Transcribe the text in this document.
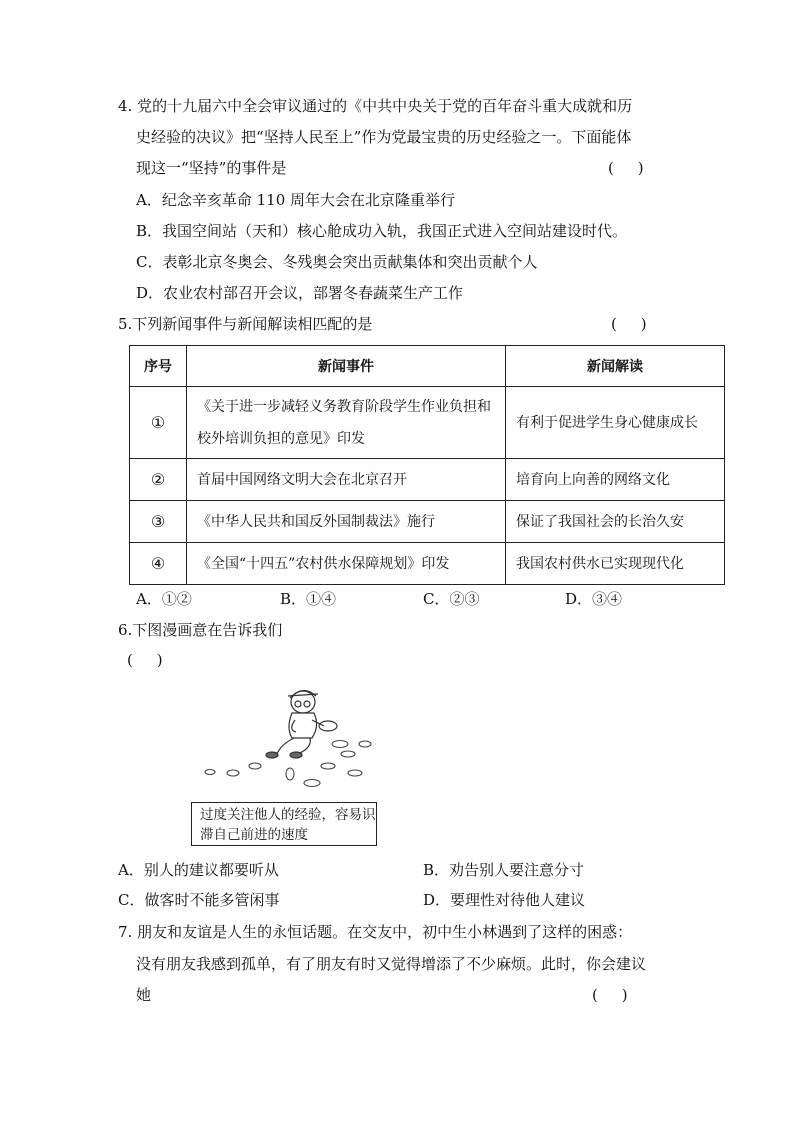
4. 党的十九届六中全会审议通过的《中共中央关于党的百年奋斗重大成就和历
史经验的决议》把“坚持人民至上”作为党最宝贵的历史经验之一。下面能体
现这一“坚持”的事件是	(     )
A．纪念辛亥革命 110 周年大会在北京隆重举行
B．我国空间站（天和）核心舱成功入轨，我国正式进入空间站建设时代。
C．表彰北京冬奥会、冬残奥会突出贡献集体和突出贡献个人
D．农业农村部召开会议，部署冬春蔬菜生产工作
5.下列新闻事件与新闻解读相匹配的是	(     )
序号	新闻事件	新闻解读
①	《关于进一步减轻义务教育阶段学生作业负担和校外培训负担的意见》印发	有利于促进学生身心健康成长
②	首届中国网络文明大会在北京召开	培育向上向善的网络文化
③	《中华人民共和国反外国制裁法》施行	保证了我国社会的长治久安
④	《全国“十四五”农村供水保障规划》印发	我国农村供水已实现现代化
A．①②	B．①④	C．②③	D．③④
6.下图漫画意在告诉我们
(     )
过度关注他人的经验，容易识滞自己前进的速度
A．别人的建议都要听从	B．劝告别人要注意分寸
C．做客时不能多管闲事	D．要理性对待他人建议
7. 朋友和友谊是人生的永恒话题。在交友中，初中生小林遇到了这样的困惑：
没有朋友我感到孤单，有了朋友有时又觉得增添了不少麻烦。此时，你会建议
她	(     )
